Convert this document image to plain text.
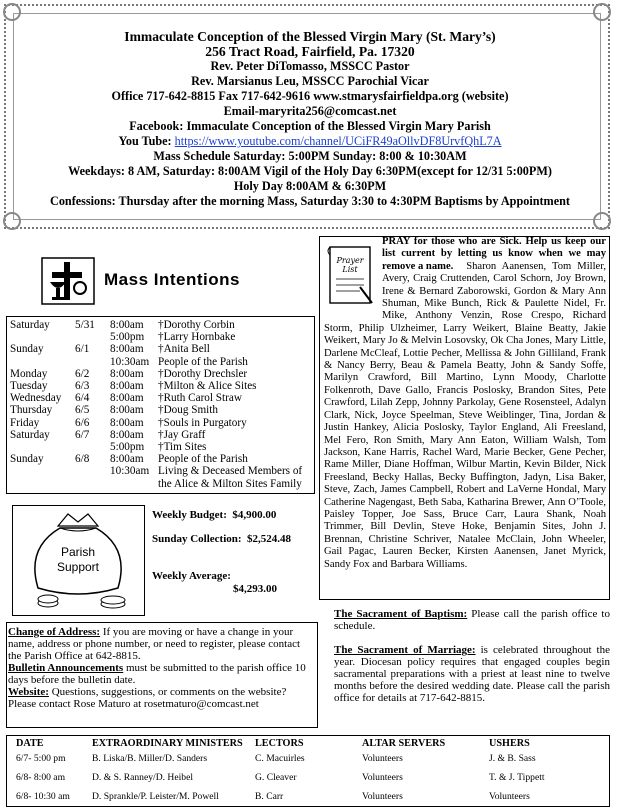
Immaculate Conception of the Blessed Virgin Mary (St. Mary’s)
256 Tract Road, Fairfield, Pa. 17320
Rev. Peter DiTomasso, MSSCC Pastor
Rev. Marsianus Leu, MSSCC Parochial Vicar
Office 717-642-8815 Fax 717-642-9616 www.stmarysfairfieldpa.org (website)
Email-maryrita256@comcast.net
Facebook: Immaculate Conception of the Blessed Virgin Mary Parish
You Tube: https://www.youtube.com/channel/UCiFR49aOllvDF8UrvfQhL7A
Mass Schedule Saturday: 5:00PM Sunday: 8:00 & 10:30AM
Weekdays: 8 AM, Saturday: 8:00AM Vigil of the Holy Day 6:30PM(except for 12/31 5:00PM)
Holy Day 8:00AM & 6:30PM
Confessions: Thursday after the morning Mass, Saturday 3:30 to 4:30PM Baptisms by Appointment
Mass Intentions
Saturday 5/31 8:00am †Dorothy Corbin
5:00pm †Larry Hornbake
Sunday	6/1 8:00am †Anita Bell
10:30am People of the Parish
Monday 6/2 8:00am †Dorothy Drechsler
Tuesday 6/3 8:00am †Milton & Alice Sites
Wednesday 6/4 8:00am †Ruth Carol Straw
Thursday 6/5 8:00am †Doug Smith
Friday	6/6 8:00am †Souls in Purgatory
Saturday 6/7 8:00am †Jay Graff
5:00pm †Tim Sites
Sunday	6/8 8:00am People of the Parish
10:30am Living & Deceased Members of
the Alice & Milton Sites Family
Prayer
List
PRAY for those who are Sick. Help us keep our list current by letting us know when we may remove a name.	Sharon Aanensen, Tom Miller, Avery, Craig Cruttenden, Carol Schorn, Joy Brown, Irene & Bernard Zaborowski, Gordon & Mary Ann Shuman, Mike Bunch, Rick & Paulette Nidel, Fr. Mike, Anthony Venzin, Rose Crespo, Richard Storm, Philip Ulzheimer, Larry Weikert, Blaine Beatty, Jakie Weikert, Mary Jo & Melvin Losovsky, Ok Cha Jones, Mary Little, Darlene McCleaf, Lottie Pecher, Mellissa & John Gilliland, Frank & Nancy Berry, Beau & Pamela Beatty, John & Sandy Soffe, Marilyn Crawford, Bill Martino, Lynn Moody, Charlotte Folkenroth, Dave Gallo, Francis Poslosky, Brandon Sites, Pete Crawford, Lilah Zepp, Johnny Parkolay, Gene Rosensteel, Adalyn Clark, Nick, Joyce Speelman, Steve Weiblinger, Tina, Jordan & Justin Hankey, Alicia Poslosky, Taylor England, Ali Freesland, Mel Fero, Ron Smith, Mary Ann Eaton, William Walsh, Tom Jackson, Kane Harris, Rachel Ward, Marie Becker, Gene Pecher, Rame Miller, Diane Hoffman, Wilbur Martin, Kevin Bilder, Nick Freesland, Becky Hallas, Becky Buffington, Jadyn, Lisa Baker, Steve, Zach, James Campbell, Robert and LaVerne Hondal, Mary Catherine Nagengast, Beth Saba, Katharina Brewer, Ann O’Toole, Paisley Topper, Joe Sass, Bruce Carr, Laura Shank, Noah Trimmer, Bill Devlin, Steve Hoke, Benjamin Sites, John J. Brennan, Christine Schriver, Natalee McClain, John Wheeler, Gail Pagac, Lauren Becker, Kirsten Aanensen, Janet Myrick, Sandy Fox and Barbara Williams.
Parish
Support
Weekly Budget: $4,900.00
Sunday Collection: $2,524.48
Weekly Average:
$4,293.00
Change of Address: If you are moving or have a change in your name, address or phone number, or need to register, please contact the Parish Office at 642-8815.
Bulletin Announcements must be submitted to the parish office 10 days before the bulletin date.
Website: Questions, suggestions, or comments on the website? Please contact Rose Maturo at rosetmaturo@comcast.net
The Sacrament of Baptism: Please call the parish office to schedule.
The Sacrament of Marriage: is celebrated throughout the year. Diocesan policy requires that engaged couples begin sacramental preparations with a priest at least nine to twelve months before the desired wedding date. Please call the parish office for details at 717-642-8815.
DATE	EXTRAORDINARY MINISTERS LECTORS	ALTAR SERVERS	USHERS
6/7- 5:00 pm	B. Liska/B. Miller/D. Sanders	C. Macuirles	Volunteers	J. & B. Sass
6/8- 8:00 am	D. & S. Ranney/D. Heibel	G. Cleaver	Volunteers	T. & J. Tippett
6/8- 10:30 am D. Sprankle/P. Leister/M. Powell	B. Carr	Volunteers	Volunteers
